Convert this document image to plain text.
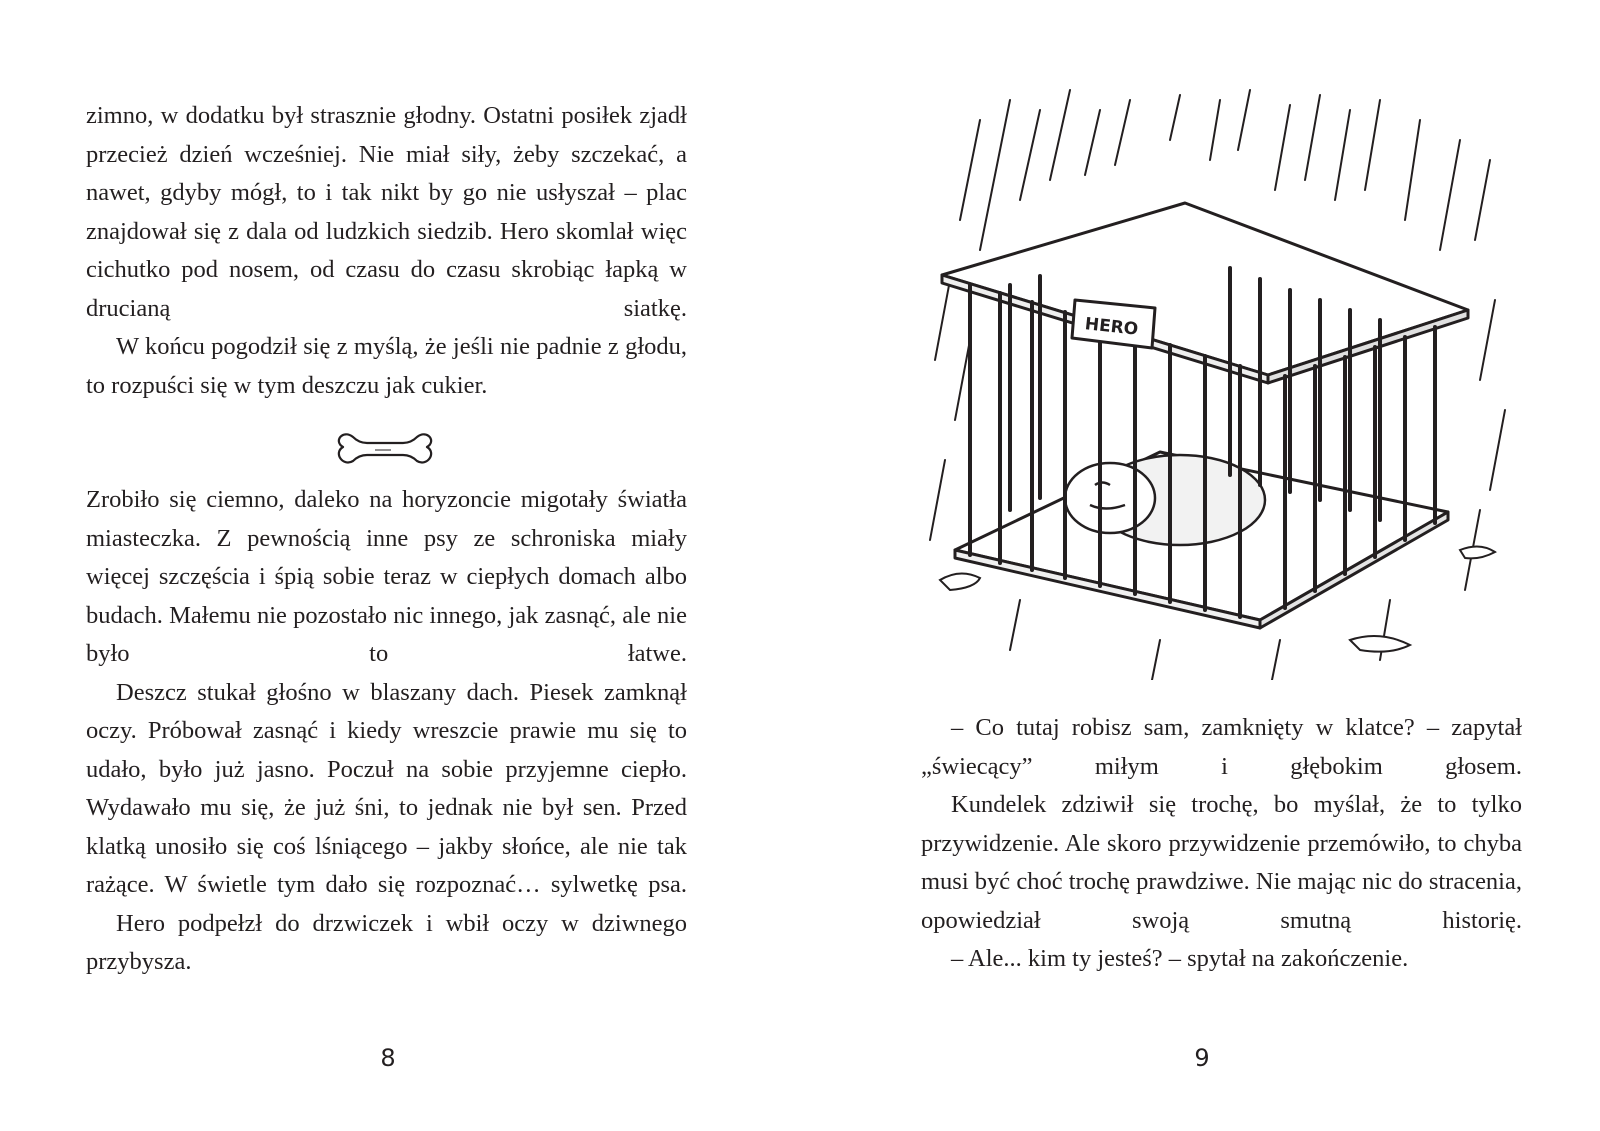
zimno, w dodatku był strasznie głodny. Ostatni posiłek zjadł przecież dzień wcześniej. Nie miał siły, żeby szczekać, a nawet, gdyby mógł, to i tak nikt by go nie usłyszał – plac znajdował się z dala od ludzkich siedzib. Hero skomlał więc cichutko pod nosem, od czasu do czasu skrobiąc łapką w drucianą siatkę.

W końcu pogodził się z myślą, że jeśli nie padnie z głodu, to rozpuści się w tym deszczu jak cukier.

Zrobiło się ciemno, daleko na horyzoncie migotały światła miasteczka. Z pewnością inne psy ze schroniska miały więcej szczęścia i śpią sobie teraz w ciepłych domach albo budach. Małemu nie pozostało nic innego, jak zasnąć, ale nie było to łatwe.

Deszcz stukał głośno w blaszany dach. Piesek zamknął oczy. Próbował zasnąć i kiedy wreszcie prawie mu się to udało, było już jasno. Poczuł na sobie przyjemne ciepło. Wydawało mu się, że już śni, to jednak nie był sen. Przed klatką unosiło się coś lśniącego – jakby słońce, ale nie tak rażące. W świetle tym dało się rozpoznać… sylwetkę psa.

Hero podpełzł do drzwiczek i wbił oczy w dziwnego przybysza.

8
HERO

– Co tutaj robisz sam, zamknięty w klatce? – zapytał „świecący” miłym i głębokim głosem.

Kundelek zdziwił się trochę, bo myślał, że to tylko przywidzenie. Ale skoro przywidzenie przemówiło, to chyba musi być choć trochę prawdziwe. Nie mając nic do stracenia, opowiedział swoją smutną historię.

– Ale... kim ty jesteś? – spytał na zakończenie.

9
